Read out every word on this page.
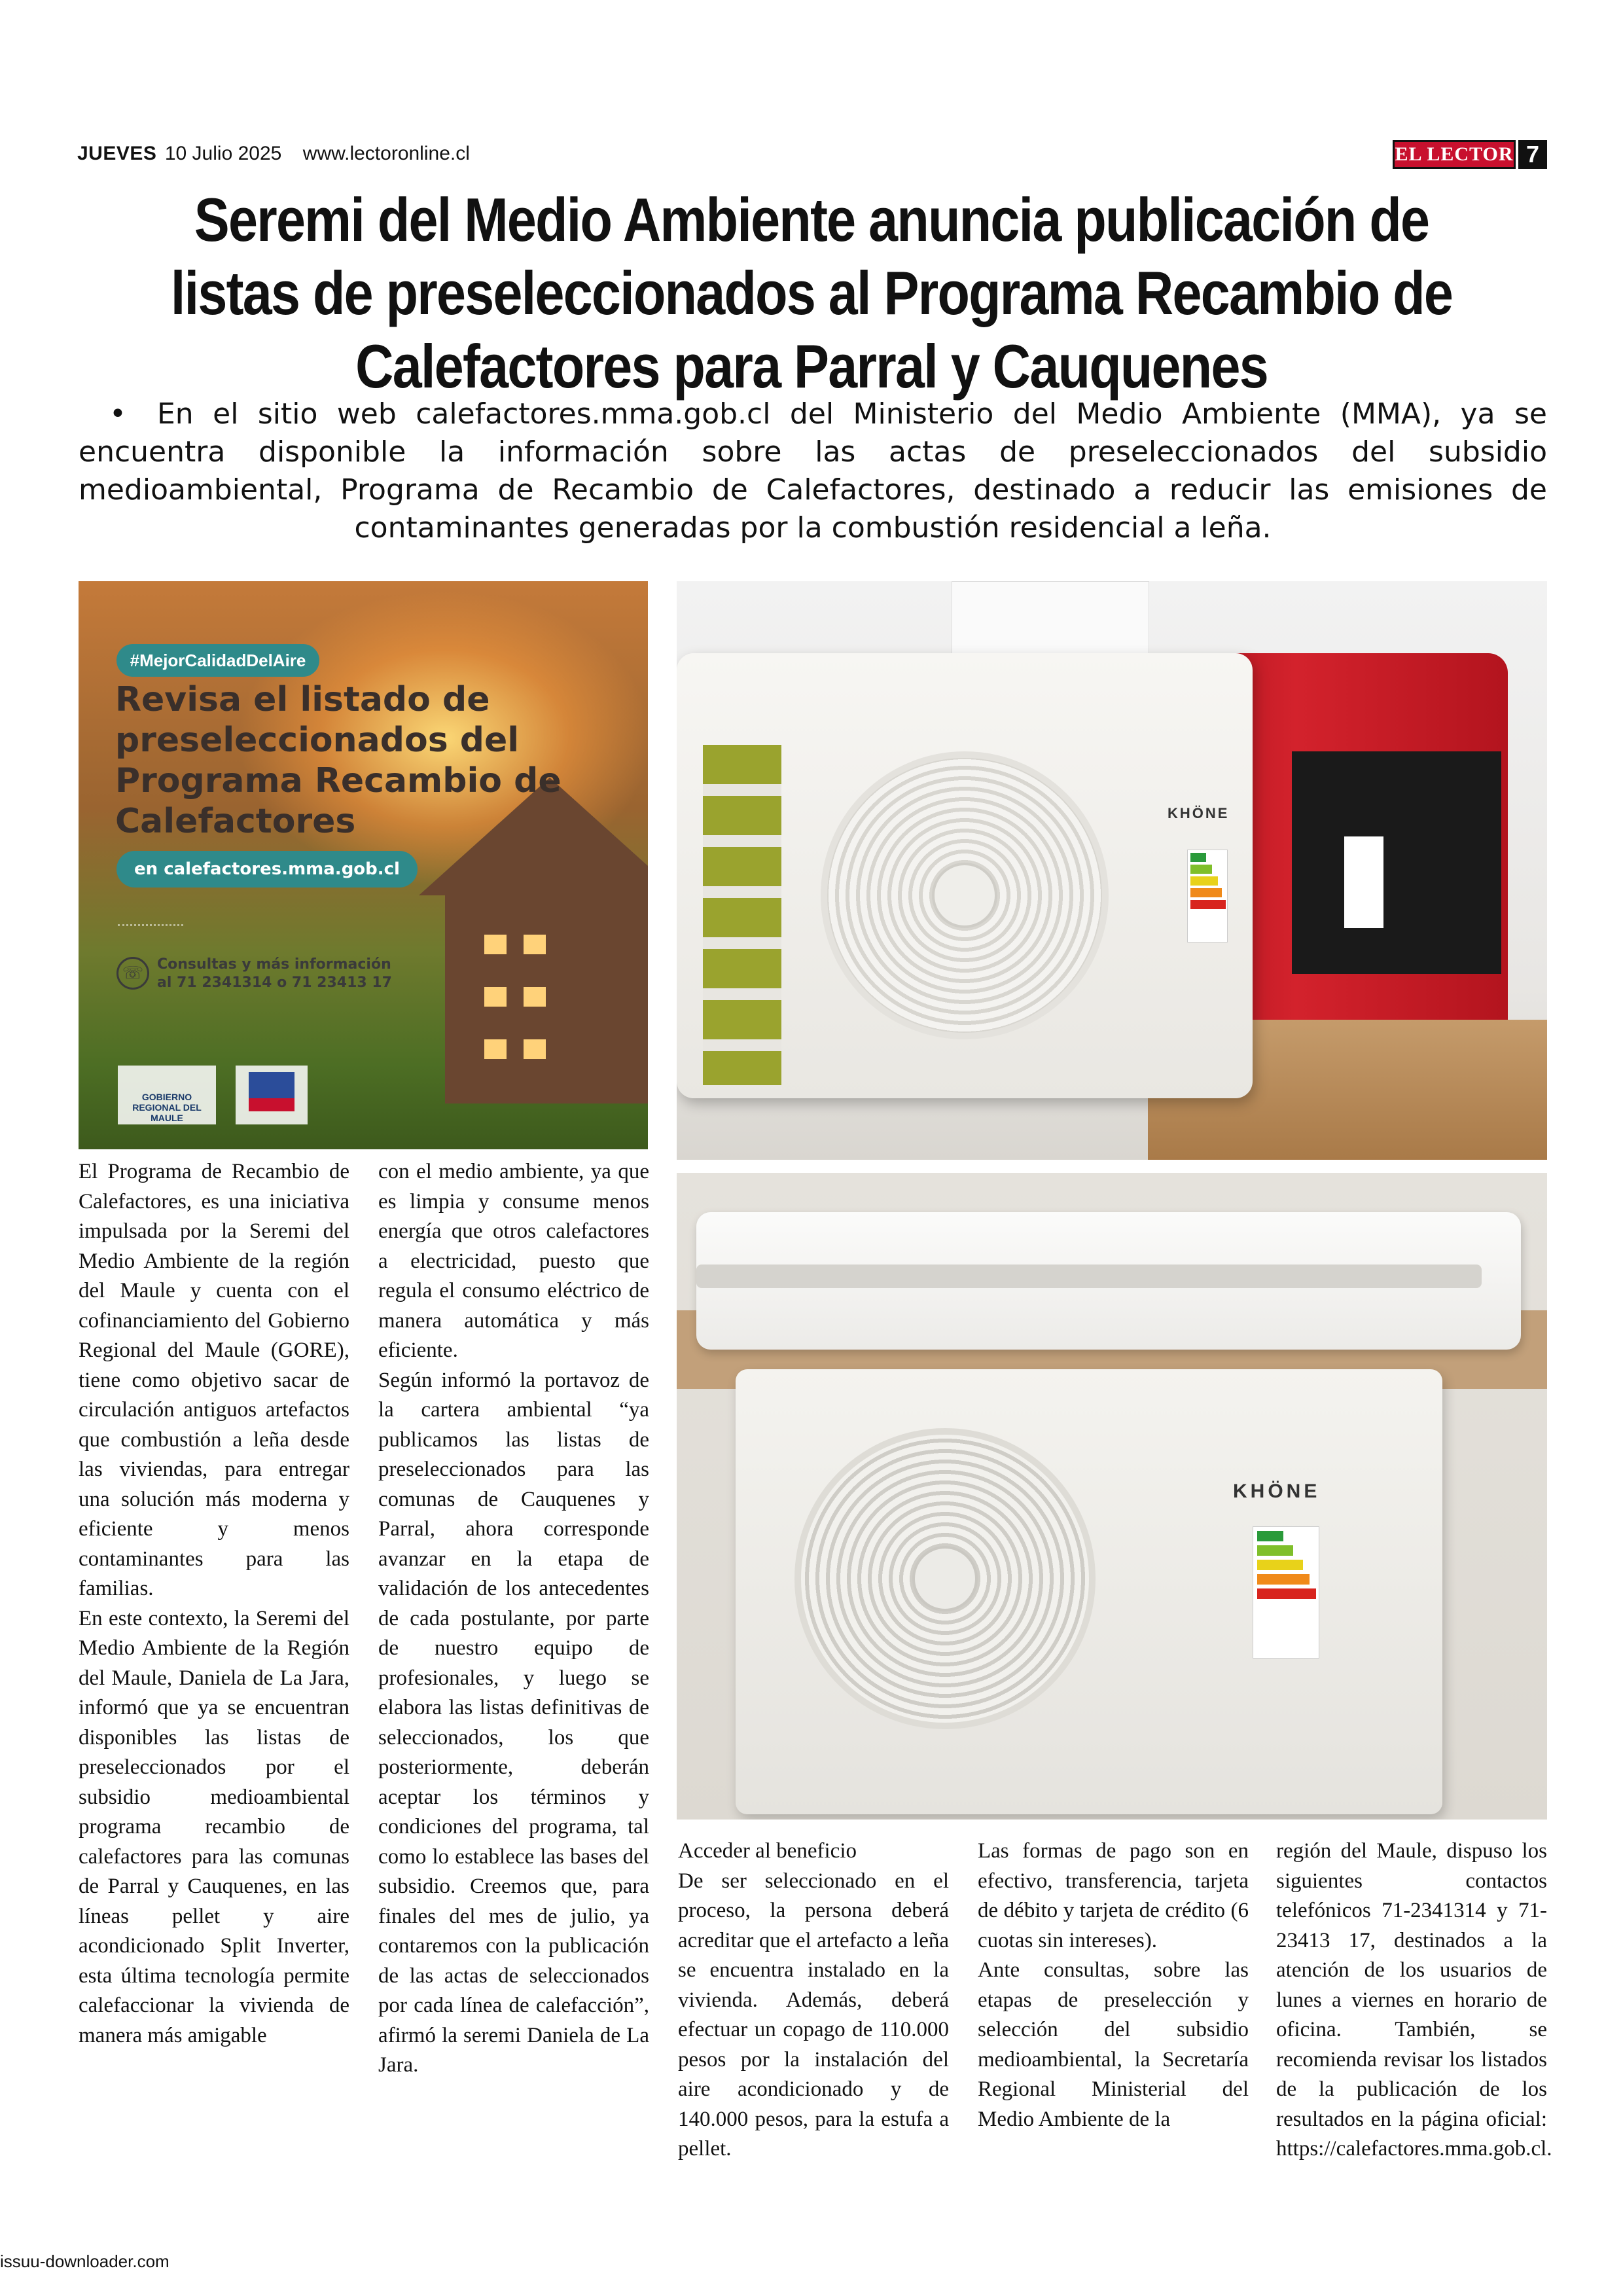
JUEVES 10 Julio 2025 www.lectoronline.cl	EL LECTOR 7
Seremi del Medio Ambiente anuncia publicación de listas de preseleccionados al Programa Recambio de Calefactores para Parral y Cauquenes
• En el sitio web calefactores.mma.gob.cl del Ministerio del Medio Ambiente (MMA), ya se encuentra disponible la información sobre las actas de preseleccionados del subsidio medioambiental, Programa de Recambio de Calefactores, destinado a reducir las emisiones de contaminantes generadas por la combustión residencial a leña.
#MejorCalidadDelAire
Revisa el listado de preseleccionados del Programa Recambio de Calefactores
en calefactores.mma.gob.cl
☏ Consultas y más información al 71 2341314 o 71 23413 17
GOBIERNO REGIONAL DEL MAULE
KHÖNE
KHÖNE

El Programa de Recambio de Calefactores, es una iniciativa impulsada por la Seremi del Medio Ambiente de la región del Maule y cuenta con el cofinanciamiento del Gobierno Regional del Maule (GORE), tiene como objetivo sacar de circulación antiguos artefactos que combustión a leña desde las viviendas, para entregar una solución más moderna y eficiente y menos contaminantes para las familias.

En este contexto, la Seremi del Medio Ambiente de la Región del Maule, Daniela de La Jara, informó que ya se encuentran disponibles las listas de preseleccionados por el subsidio medioambiental programa recambio de calefactores para las comunas de Parral y Cauquenes, en las líneas pellet y aire acondicionado Split Inverter, esta última tecnología permite calefaccionar la vivienda de manera más amigable

con el medio ambiente, ya que es limpia y consume menos energía que otros calefactores a electricidad, puesto que regula el consumo eléctrico de manera automática y más eficiente.

Según informó la portavoz de la cartera ambiental “ya publicamos las listas de preseleccionados para las comunas de Cauquenes y Parral, ahora corresponde avanzar en la etapa de validación de los antecedentes de cada postulante, por parte de nuestro equipo de profesionales, y luego se elabora las listas definitivas de seleccionados, los que posteriormente, deberán aceptar los términos y condiciones del programa, tal como lo establece las bases del subsidio. Creemos que, para finales del mes de julio, ya contaremos con la publicación de las actas de seleccionados por cada línea de calefacción”, afirmó la seremi Daniela de La Jara.

Acceder al beneficio

De ser seleccionado en el proceso, la persona deberá acreditar que el artefacto a leña se encuentra instalado en la vivienda. Además, deberá efectuar un copago de 110.000 pesos por la instalación del aire acondicionado y de 140.000 pesos, para la estufa a pellet.

Las formas de pago son en efectivo, transferencia, tarjeta de débito y tarjeta de crédito (6 cuotas sin intereses).

Ante consultas, sobre las etapas de preselección y selección del subsidio medioambiental, la Secretaría Regional Ministerial del Medio Ambiente de la

región del Maule, dispuso los siguientes contactos telefónicos 71-2341314 y 71-23413 17, destinados a la atención de los usuarios de lunes a viernes en horario de oficina. También, se recomienda revisar los listados de la publicación de los resultados en la página oficial: https://calefactores.mma.gob.cl.

issuu-downloader.com
